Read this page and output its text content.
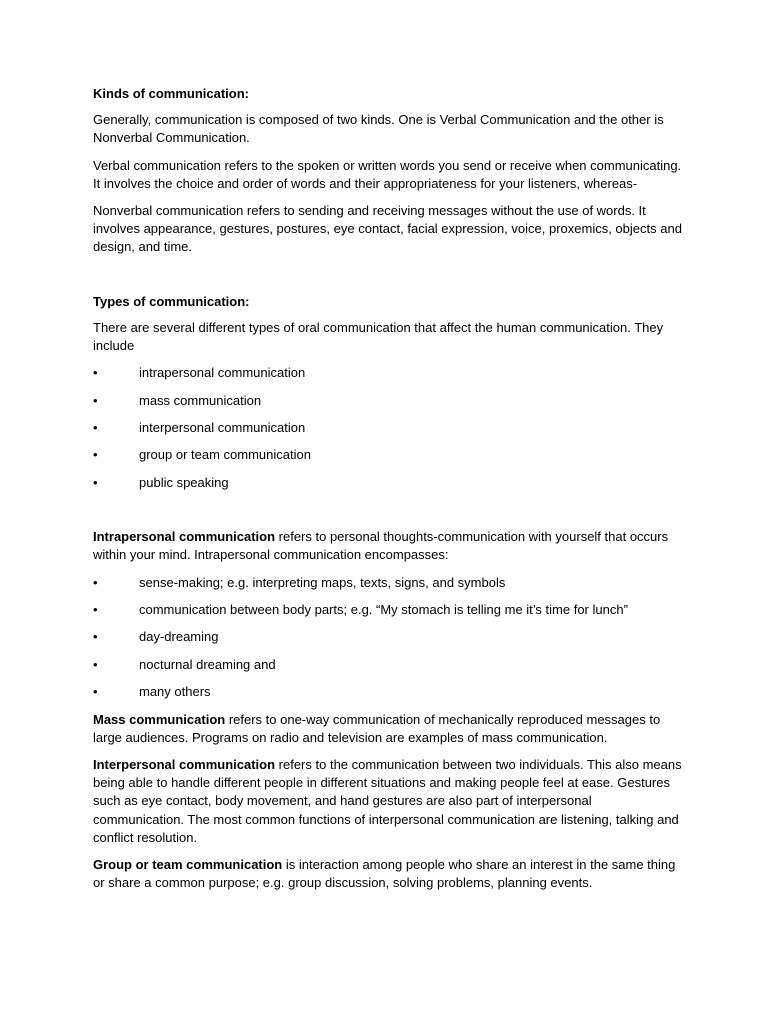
Kinds of communication:

Generally, communication is composed of two kinds. One is Verbal Communication and the other is Nonverbal Communication.

Verbal communication refers to the spoken or written words you send or receive when communicating. It involves the choice and order of words and their appropriateness for your listeners, whereas-

Nonverbal communication refers to sending and receiving messages without the use of words. It involves appearance, gestures, postures, eye contact, facial expression, voice, proxemics, objects and design, and time.

Types of communication:

There are several different types of oral communication that affect the human communication. They include

•	intrapersonal communication
•	mass communication
•	interpersonal communication
•	group or team communication
•	public speaking

Intrapersonal communication refers to personal thoughts-communication with yourself that occurs within your mind. Intrapersonal communication encompasses:

•	sense-making; e.g. interpreting maps, texts, signs, and symbols
•	communication between body parts; e.g. “My stomach is telling me it’s time for lunch”
•	day-dreaming
•	nocturnal dreaming and
•	many others

Mass communication refers to one-way communication of mechanically reproduced messages to large audiences. Programs on radio and television are examples of mass communication.

Interpersonal communication refers to the communication between two individuals. This also means being able to handle different people in different situations and making people feel at ease. Gestures such as eye contact, body movement, and hand gestures are also part of interpersonal communication. The most common functions of interpersonal communication are listening, talking and conflict resolution.

Group or team communication is interaction among people who share an interest in the same thing or share a common purpose; e.g. group discussion, solving problems, planning events.
